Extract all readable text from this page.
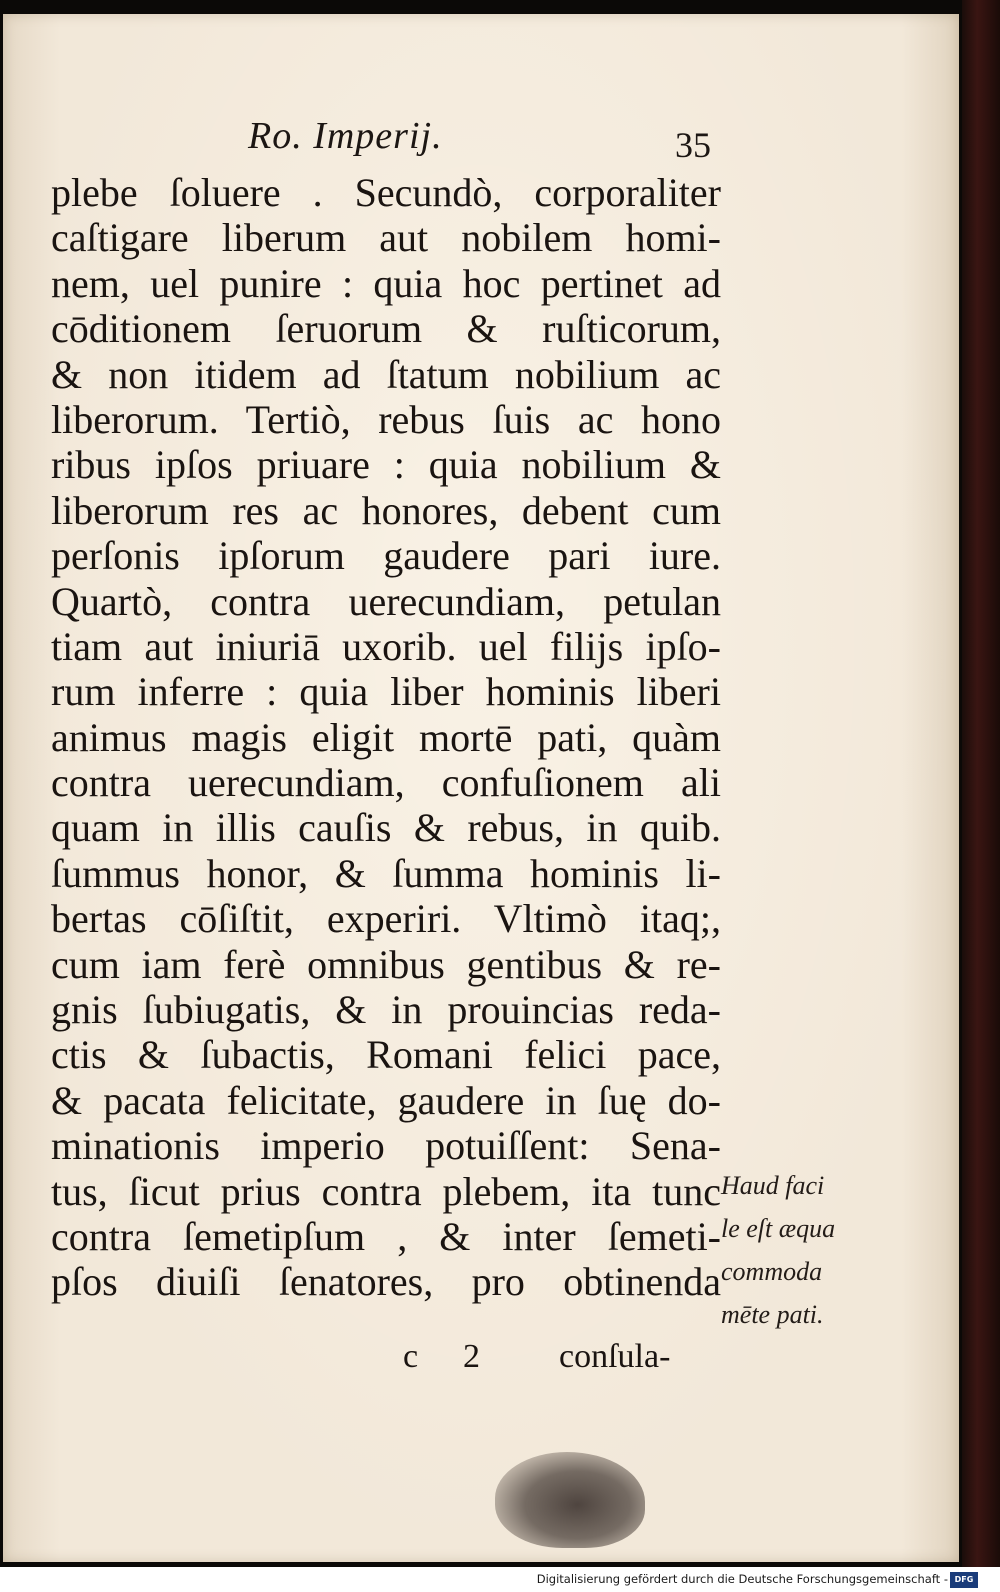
Ro. Imperij.	35
plebe ſoluere . Secundò, corporaliter
caſtigare liberum aut nobilem homi-
nem, uel punire : quia hoc pertinet ad
cōditionem ſeruorum & ruſticorum,
& non itidem ad ſtatum nobilium ac
liberorum. Tertiò, rebus ſuis ac hono
ribus ipſos priuare : quia nobilium &
liberorum res ac honores, debent cum
perſonis ipſorum gaudere pari iure.
Quartò, contra uerecundiam, petulan
tiam aut iniuriā uxorib. uel filijs ipſo-
rum inferre : quia liber hominis liberi
animus magis eligit mortē pati, quàm
contra uerecundiam, confuſionem ali
quam in illis cauſis & rebus, in quib.
ſummus honor, & ſumma hominis li-
bertas cōſiſtit, experiri. Vltimò itaq;,
cum iam ferè omnibus gentibus & re-
gnis ſubiugatis, & in prouincias reda-
ctis & ſubactis, Romani felici pace,
& pacata felicitate, gaudere in ſuę do-
minationis imperio potuiſſent: Sena-
tus, ſicut prius contra plebem, ita tunc
contra ſemetipſum , & inter ſemeti-
pſos diuiſi ſenatores, pro obtinenda
Haud faci
le eſt æqua
commoda
mēte pati.
c 2 conſula-
Digitalisierung gefördert durch die Deutsche Forschungsgemeinschaft - DFG
